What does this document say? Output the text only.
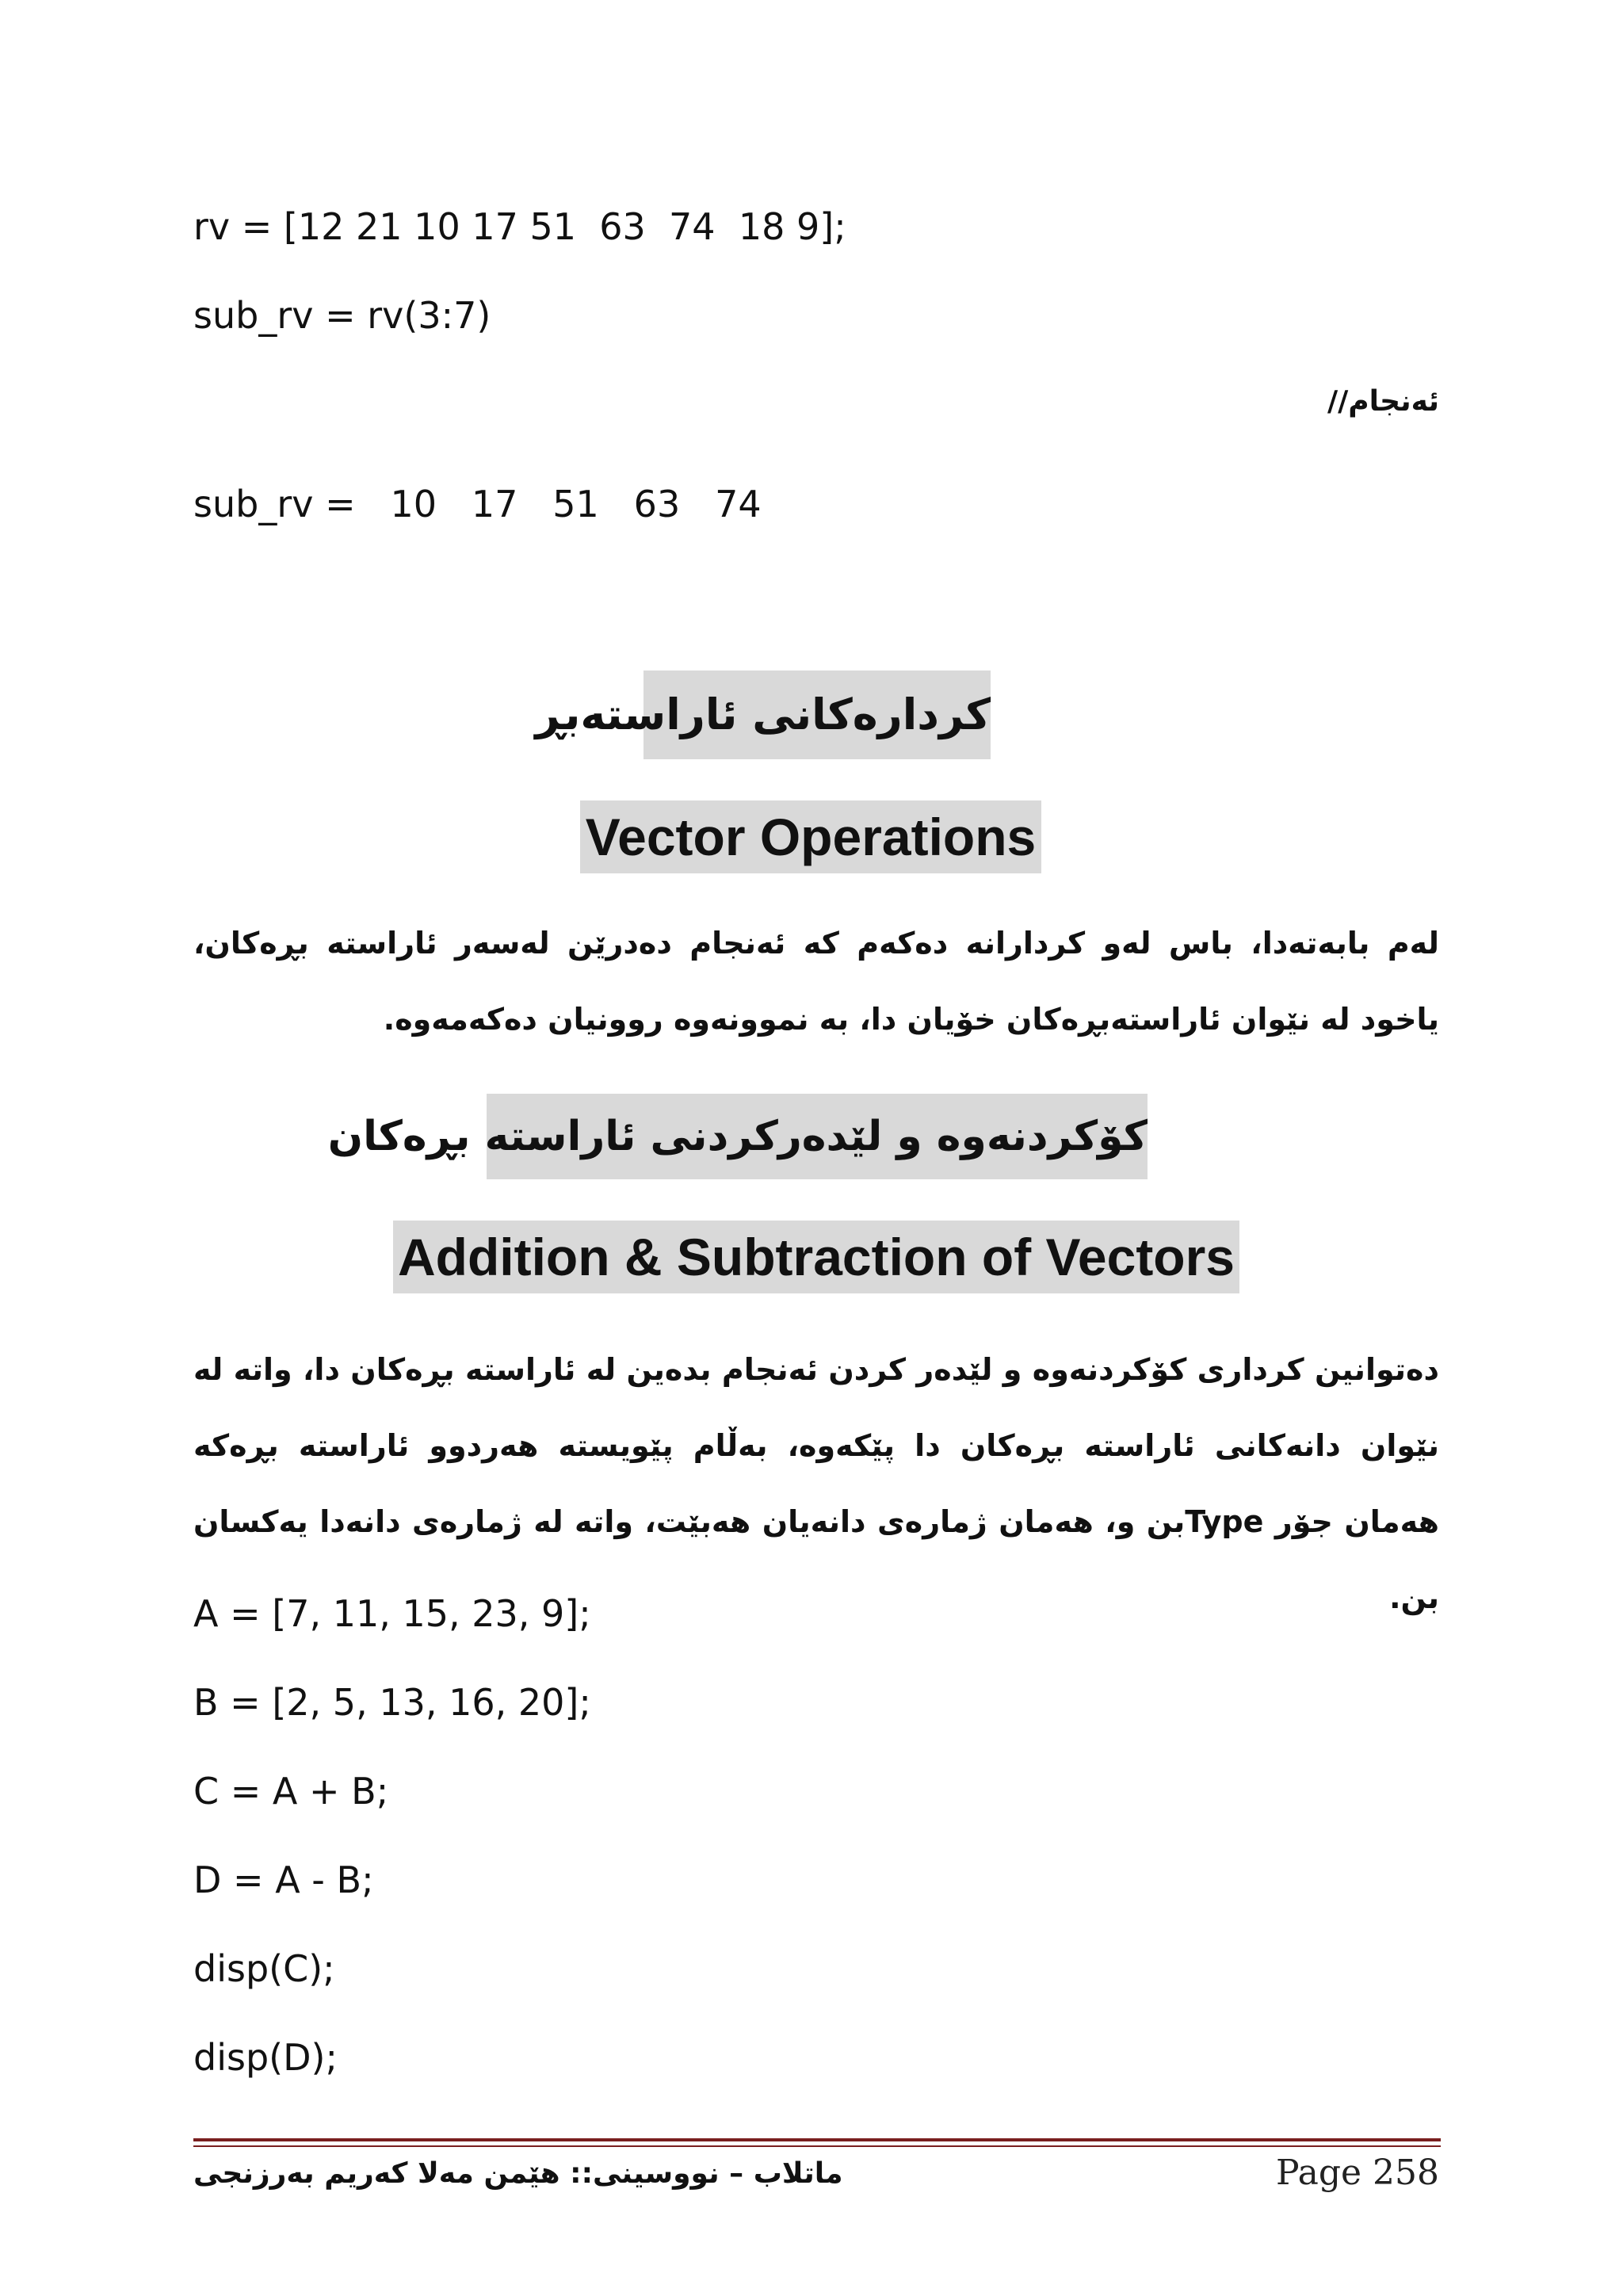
rv = [12 21 10 17 51  63  74  18 9];
sub_rv = rv(3:7)
ئەنجام//
sub_rv =   10   17   51   63   74
کردارەکانی ئاراستەبڕ
Vector Operations
لەم بابەتەدا، باس لەو کردارانە دەکەم کە ئەنجام دەدرێن لەسەر ئاراستە بڕەکان، یاخود لە نێوان ئاراستەبڕەکان خۆیان دا، بە نموونەوە روونیان دەکەمەوە.
کۆکردنەوە و لێدەرکردنی ئاراستە بڕەکان
Addition & Subtraction of Vectors
دەتوانین کرداری کۆکردنەوە و لێدەر کردن ئەنجام بدەین لە ئاراستە بڕەکان دا، واتە لە نێوان دانەکانی ئاراستە بڕەکان دا پێکەوە، بەڵام پێویستە هەردوو ئاراستە بڕەکە هەمان جۆر Typeبن و، هەمان ژمارەی دانەیان هەبێت، واتە لە ژمارەی دانەدا یەکسان بن.
A = [7, 11, 15, 23, 9];
B = [2, 5, 13, 16, 20];
C = A + B;
D = A - B;
disp(C);
disp(D);
ماتلاب – نووسینی:: هێمن مەلا کەریم بەرزنجی	Page 258
